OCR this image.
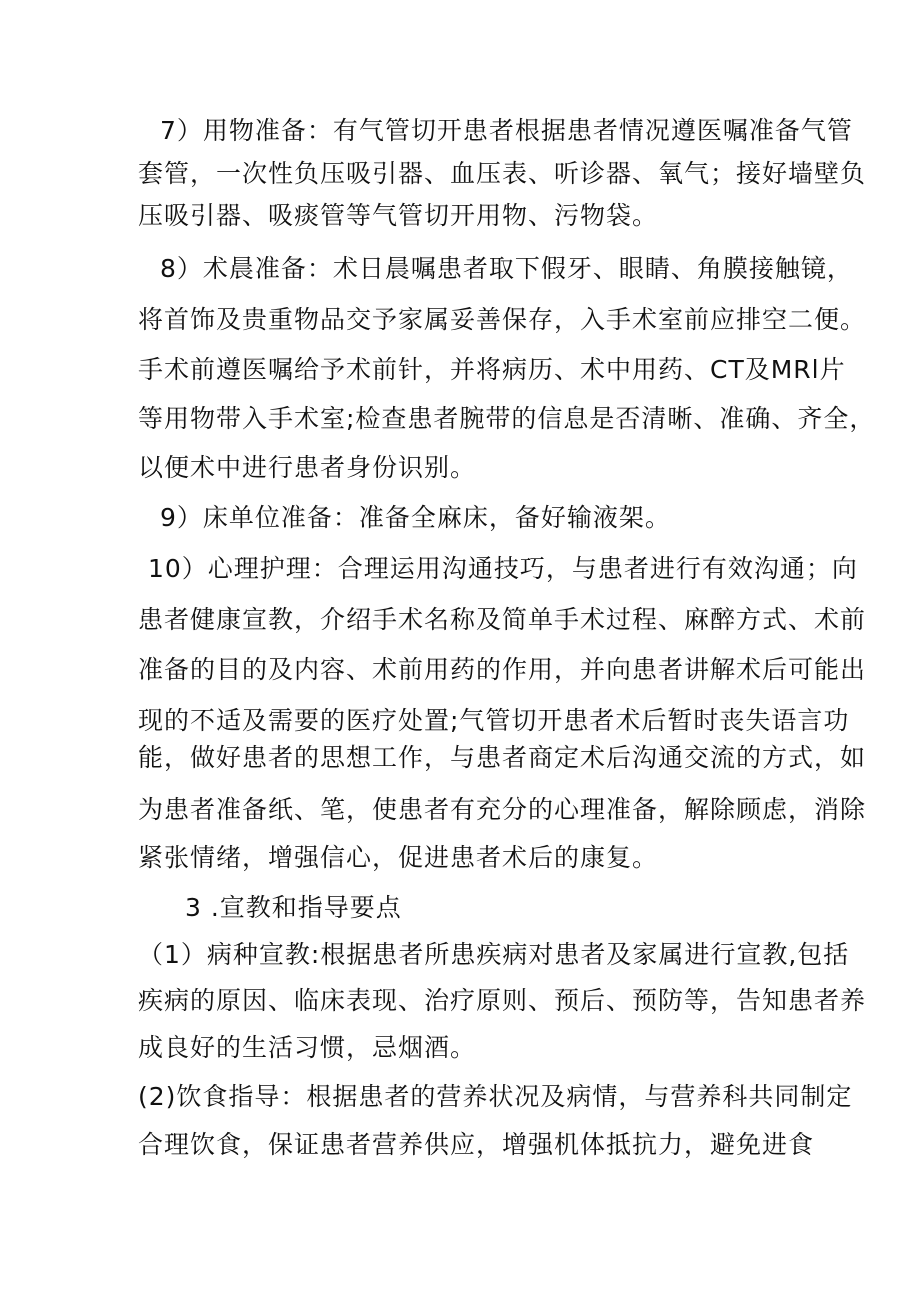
7）用物准备：有气管切开患者根据患者情况遵医嘱准备气管
套管，一次性负压吸引器、血压表、听诊器、氧气；接好墙壁负
压吸引器、吸痰管等气管切开用物、污物袋。
8）术晨准备：术日晨嘱患者取下假牙、眼睛、角膜接触镜，
将首饰及贵重物品交予家属妥善保存，入手术室前应排空二便。
手术前遵医嘱给予术前针，并将病历、术中用药、CT及MRl片
等用物带入手术室;检查患者腕带的信息是否清晰、准确、齐全，
以便术中进行患者身份识别。
9）床单位准备：准备全麻床，备好输液架。
10）心理护理：合理运用沟通技巧，与患者进行有效沟通；向
患者健康宣教，介绍手术名称及简单手术过程、麻醉方式、术前
准备的目的及内容、术前用药的作用，并向患者讲解术后可能出
现的不适及需要的医疗处置;气管切开患者术后暂时丧失语言功
能，做好患者的思想工作，与患者商定术后沟通交流的方式，如
为患者准备纸、笔，使患者有充分的心理准备，解除顾虑，消除
紧张情绪，增强信心，促进患者术后的康复。
3 .宣教和指导要点
（1）病种宣教:根据患者所患疾病对患者及家属进行宣教,包括
疾病的原因、临床表现、治疗原则、预后、预防等，告知患者养
成良好的生活习惯，忌烟酒。
(2)饮食指导：根据患者的营养状况及病情，与营养科共同制定
合理饮食，保证患者营养供应，增强机体抵抗力，避免进食
